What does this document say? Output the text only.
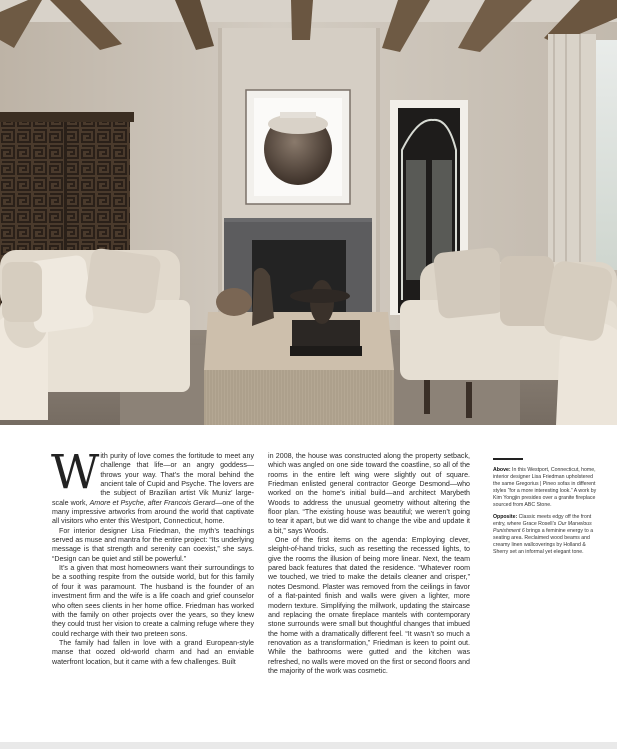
With purity of love comes the fortitude to meet any challenge that life—or an angry goddess—throws your way. That’s the moral behind the ancient tale of Cupid and Psyche. The lovers are the subject of Brazilian artist Vik Muniz’ large-scale work, Amore et Psyche, after Francois Gerard—one of the many impressive artworks from around the world that captivate all visitors who enter this Westport, Connecticut, home.

For interior designer Lisa Friedman, the myth’s teachings served as muse and mantra for the entire project: “Its underlying message is that strength and serenity can coexist,” she says. “Design can be quiet and still be powerful.”

It’s a given that most homeowners want their surroundings to be a soothing respite from the outside world, but for this family of four it was paramount. The husband is the founder of an investment firm and the wife is a life coach and grief counselor who often sees clients in her home office. Friedman has worked with the family on other projects over the years, so they knew they could trust her vision to create a calming refuge where they could recharge with their two preteen sons.

The family had fallen in love with a grand European-style manse that oozed old-world charm and had an enviable waterfront location, but it came with a few challenges. Built

in 2008, the house was constructed along the property setback, which was angled on one side toward the coastline, so all of the rooms in the entire left wing were slightly out of square. Friedman enlisted general contractor George Desmond—who worked on the home’s initial build—and architect Marybeth Woods to address the unusual geometry without altering the floor plan. “The existing house was beautiful; we weren’t going to tear it apart, but we did want to change the vibe and update it a bit,” says Woods.

One of the first items on the agenda: Employing clever, sleight-of-hand tricks, such as resetting the recessed lights, to give the rooms the illusion of being more linear. Next, the team pared back features that dated the residence. “Whatever room we touched, we tried to make the details cleaner and crisper,” notes Desmond. Plaster was removed from the ceilings in favor of a flat-painted finish and walls were given a lighter, more modern texture. Simplifying the millwork, updating the staircase and replacing the ornate fireplace mantels with contemporary stone surrounds were small but thoughtful changes that imbued the home with a dramatically different feel. “It wasn’t so much a renovation as a transformation,” Friedman is keen to point out. While the bathrooms were gutted and the kitchen was refreshed, no walls were moved on the first or second floors and the majority of the work was cosmetic.

Above: In this Westport, Connecticut, home, interior designer Lisa Friedman upholstered the same Gregorius | Pineo sofas in different styles “for a more interesting look.” A work by Kim Yongjin presides over a granite fireplace sourced from ABC Stone.

Opposite: Classic meets edgy off the front entry, where Grace Rosell’s Our Marvelous Punishment 6 brings a feminine energy to a seating area. Reclaimed wood beams and creamy linen wallcoverings by Holland & Sherry set an informal yet elegant tone.
